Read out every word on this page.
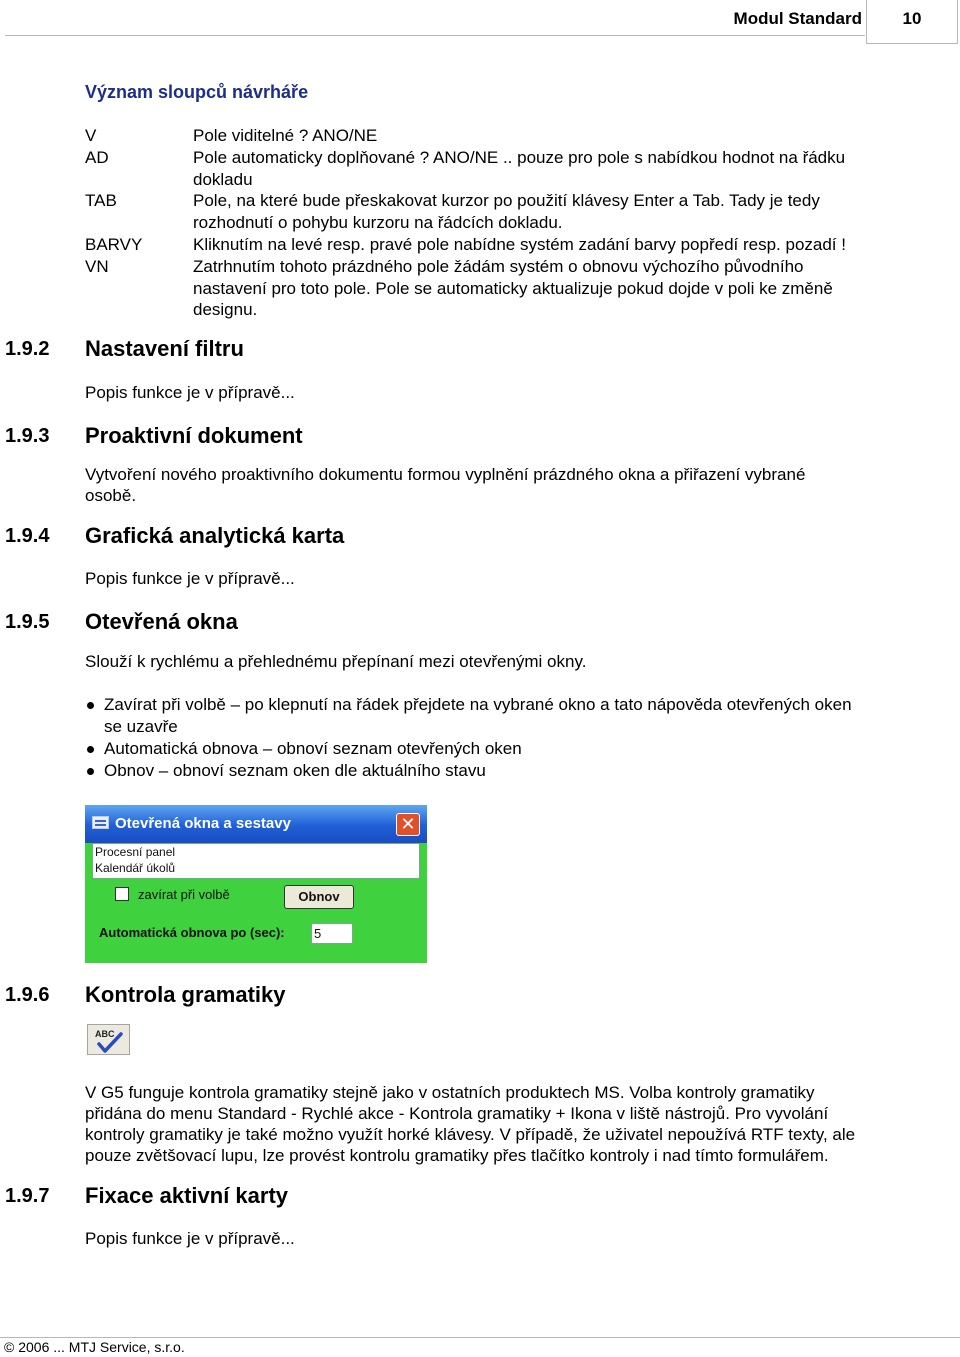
Modul Standard	10
Význam sloupců návrháře
V	Pole viditelné ? ANO/NE
AD	Pole automaticky doplňované ? ANO/NE .. pouze pro pole s nabídkou hodnot na řádku
dokladu
TAB	Pole, na které bude přeskakovat kurzor po použití klávesy Enter a Tab. Tady je tedy
rozhodnutí o pohybu kurzoru na řádcích dokladu.
BARVY	Kliknutím na levé resp. pravé pole nabídne systém zadání barvy popředí resp. pozadí !
VN	Zatrhnutím tohoto prázdného pole žádám systém o obnovu výchozího původního
nastavení pro toto pole. Pole se automaticky aktualizuje pokud dojde v poli ke změně
designu.
1.9.2 Nastavení filtru
Popis funkce je v přípravě...
1.9.3 Proaktivní dokument
Vytvoření nového proaktivního dokumentu formou vyplnění prázdného okna a přiřazení vybrané
osobě.
1.9.4 Grafická analytická karta
Popis funkce je v přípravě...
1.9.5 Otevřená okna
Slouží k rychlému a přehlednému přepínaní mezi otevřenými okny.
Zavírat při volbě – po klepnutí na řádek přejdete na vybrané okno a tato nápověda otevřených oken
se uzavře
Automatická obnova – obnoví seznam otevřených oken
Obnov – obnoví seznam oken dle aktuálního stavu
Otevřená okna a sestavy	✕
Procesní panel
Kalendář úkolů
zavírat při volbě	Obnov
Automatická obnova po (sec): 5
1.9.6 Kontrola gramatiky
ABC
V G5 funguje kontrola gramatiky stejně jako v ostatních produktech MS. Volba kontroly gramatiky
přidána do menu Standard - Rychlé akce - Kontrola gramatiky + Ikona v liště nástrojů. Pro vyvolání
kontroly gramatiky je také možno využít horké klávesy. V případě, že uživatel nepoužívá RTF texty, ale
pouze zvětšovací lupu, lze provést kontrolu gramatiky přes tlačítko kontroly i nad tímto formulářem.
1.9.7 Fixace aktivní karty
Popis funkce je v přípravě...
© 2006 ... MTJ Service, s.r.o.
